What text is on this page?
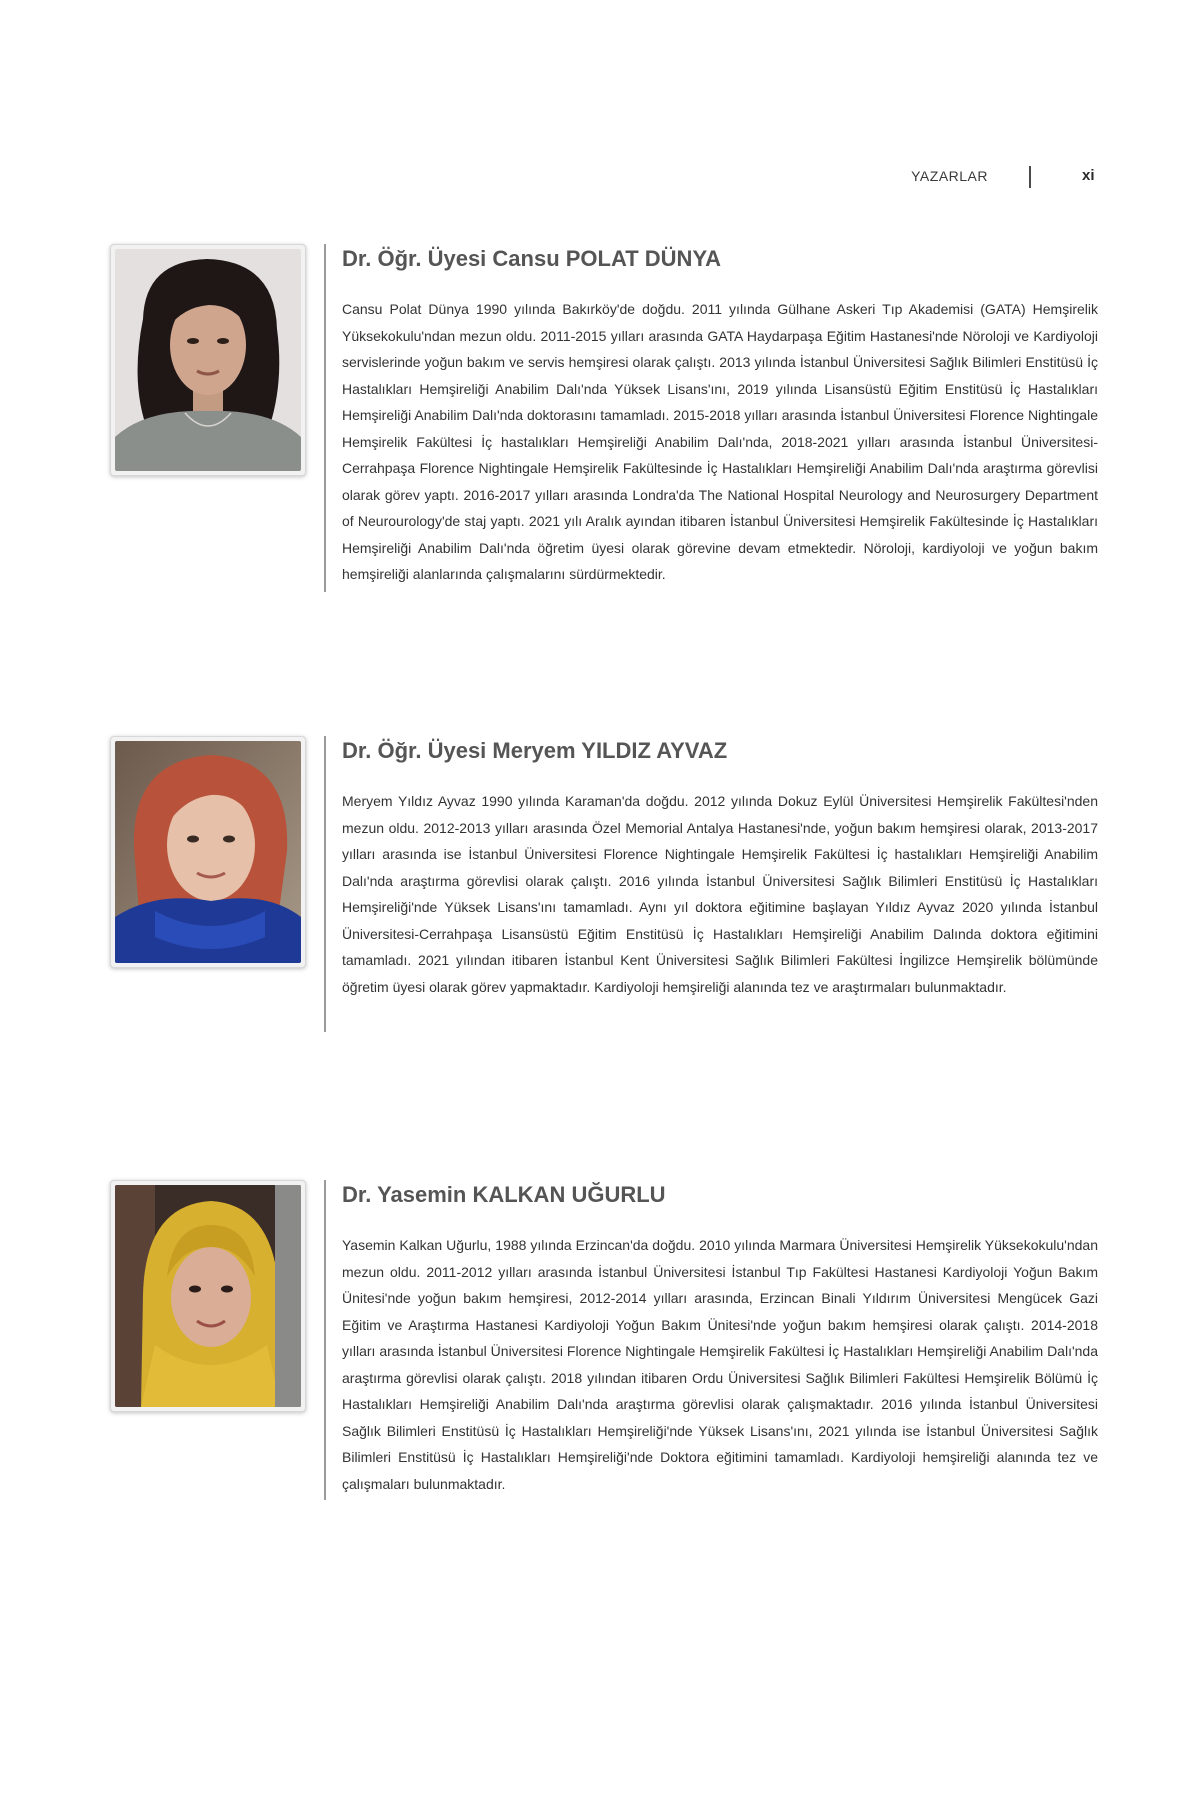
YAZARLAR	xi
Dr. Öğr. Üyesi Cansu POLAT DÜNYA
Cansu Polat Dünya 1990 yılında Bakırköy'de doğdu. 2011 yılında Gülhane Askeri Tıp Akademisi (GATA) Hemşirelik Yüksekokulu'ndan mezun oldu. 2011-2015 yılları arasında GATA Haydarpaşa Eğitim Hastanesi'nde Nöroloji ve Kardiyoloji servislerinde yoğun bakım ve servis hemşiresi olarak çalıştı. 2013 yılında İstanbul Üniversitesi Sağlık Bilimleri Enstitüsü İç Hastalıkları Hemşireliği Anabilim Dalı'nda Yüksek Lisans'ını, 2019 yılında Lisansüstü Eğitim Enstitüsü İç Hastalıkları Hemşireliği Anabilim Dalı'nda doktorasını tamamladı. 2015-2018 yılları arasında İstanbul Üniversitesi Florence Nightingale Hemşirelik Fakültesi İç hastalıkları Hemşireliği Anabilim Dalı'nda, 2018-2021 yılları arasında İstanbul Üniversitesi-Cerrahpaşa Florence Nightingale Hemşirelik Fakültesinde İç Hastalıkları Hemşireliği Anabilim Dalı'nda araştırma görevlisi olarak görev yaptı. 2016-2017 yılları arasında Londra'da The National Hospital Neurology and Neurosurgery Department of Neurourology'de staj yaptı. 2021 yılı Aralık ayından itibaren İstanbul Üniversitesi Hemşirelik Fakültesinde İç Hastalıkları Hemşireliği Anabilim Dalı'nda öğretim üyesi olarak görevine devam etmektedir. Nöroloji, kardiyoloji ve yoğun bakım hemşireliği alanlarında çalışmalarını sürdürmektedir.
Dr. Öğr. Üyesi Meryem YILDIZ AYVAZ
Meryem Yıldız Ayvaz 1990 yılında Karaman'da doğdu. 2012 yılında Dokuz Eylül Üniversitesi Hemşirelik Fakültesi'nden mezun oldu. 2012-2013 yılları arasında Özel Memorial Antalya Hastanesi'nde, yoğun bakım hemşiresi olarak, 2013-2017 yılları arasında ise İstanbul Üniversitesi Florence Nightingale Hemşirelik Fakültesi İç hastalıkları Hemşireliği Anabilim Dalı'nda araştırma görevlisi olarak çalıştı. 2016 yılında İstanbul Üniversitesi Sağlık Bilimleri Enstitüsü İç Hastalıkları Hemşireliği'nde Yüksek Lisans'ını tamamladı. Aynı yıl doktora eğitimine başlayan Yıldız Ayvaz 2020 yılında İstanbul Üniversitesi-Cerrahpaşa Lisansüstü Eğitim Enstitüsü İç Hastalıkları Hemşireliği Anabilim Dalında doktora eğitimini tamamladı. 2021 yılından itibaren İstanbul Kent Üniversitesi Sağlık Bilimleri Fakültesi İngilizce Hemşirelik bölümünde öğretim üyesi olarak görev yapmaktadır. Kardiyoloji hemşireliği alanında tez ve araştırmaları bulunmaktadır.
Dr. Yasemin KALKAN UĞURLU
Yasemin Kalkan Uğurlu, 1988 yılında Erzincan'da doğdu. 2010 yılında Marmara Üniversitesi Hemşirelik Yüksekokulu'ndan mezun oldu. 2011-2012 yılları arasında İstanbul Üniversitesi İstanbul Tıp Fakültesi Hastanesi Kardiyoloji Yoğun Bakım Ünitesi'nde yoğun bakım hemşiresi, 2012-2014 yılları arasında, Erzincan Binali Yıldırım Üniversitesi Mengücek Gazi Eğitim ve Araştırma Hastanesi Kardiyoloji Yoğun Bakım Ünitesi'nde yoğun bakım hemşiresi olarak çalıştı. 2014-2018 yılları arasında İstanbul Üniversitesi Florence Nightingale Hemşirelik Fakültesi İç Hastalıkları Hemşireliği Anabilim Dalı'nda araştırma görevlisi olarak çalıştı. 2018 yılından itibaren Ordu Üniversitesi Sağlık Bilimleri Fakültesi Hemşirelik Bölümü İç Hastalıkları Hemşireliği Anabilim Dalı'nda araştırma görevlisi olarak çalışmaktadır. 2016 yılında İstanbul Üniversitesi Sağlık Bilimleri Enstitüsü İç Hastalıkları Hemşireliği'nde Yüksek Lisans'ını, 2021 yılında ise İstanbul Üniversitesi Sağlık Bilimleri Enstitüsü İç Hastalıkları Hemşireliği'nde Doktora eğitimini tamamladı. Kardiyoloji hemşireliği alanında tez ve çalışmaları bulunmaktadır.
